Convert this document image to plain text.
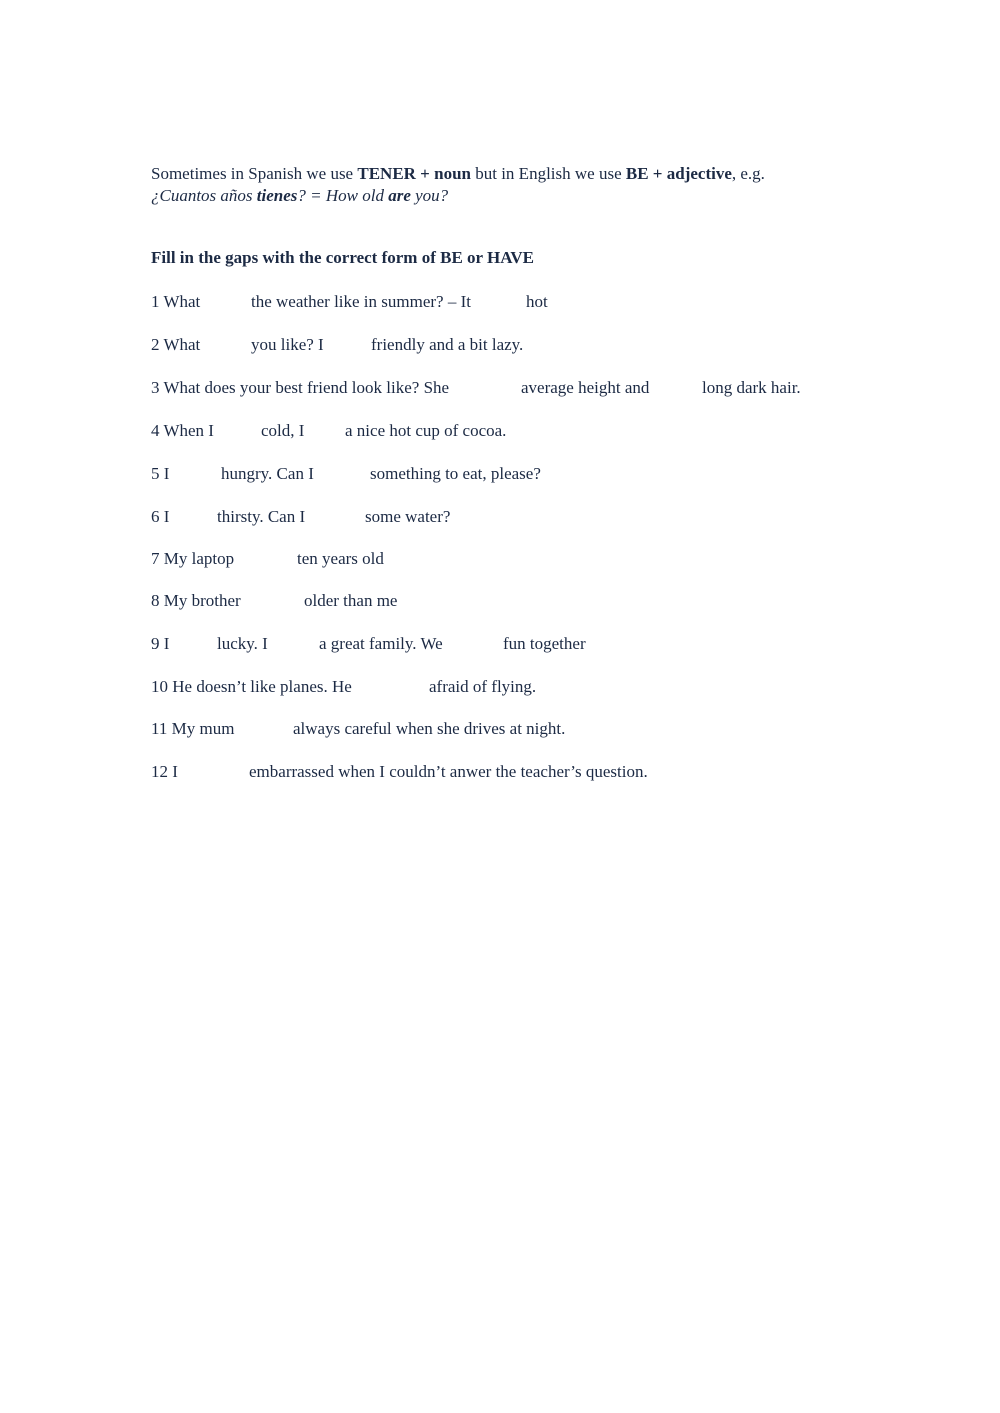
Sometimes in Spanish we use TENER + noun but in English we use BE + adjective, e.g.
¿Cuantos años tienes? = How old are you?
Fill in the gaps with the correct form of BE or HAVE
1 What	the weather like in summer? – It	hot
2 What	you like? I	friendly and a bit lazy.
3 What does your best friend look like? She	average height and	long dark hair.
4 When I	cold, I a nice hot cup of cocoa.
5 I	hungry. Can I	something to eat, please?
6 I	thirsty. Can I	some water?
7 My laptop	ten years old
8 My brother	older than me
9 I	lucky. I	a great family. We	fun together
10 He doesn’t like planes. He	afraid of flying.
11 My mum	always careful when she drives at night.
12 I	embarrassed when I couldn’t anwer the teacher’s question.
